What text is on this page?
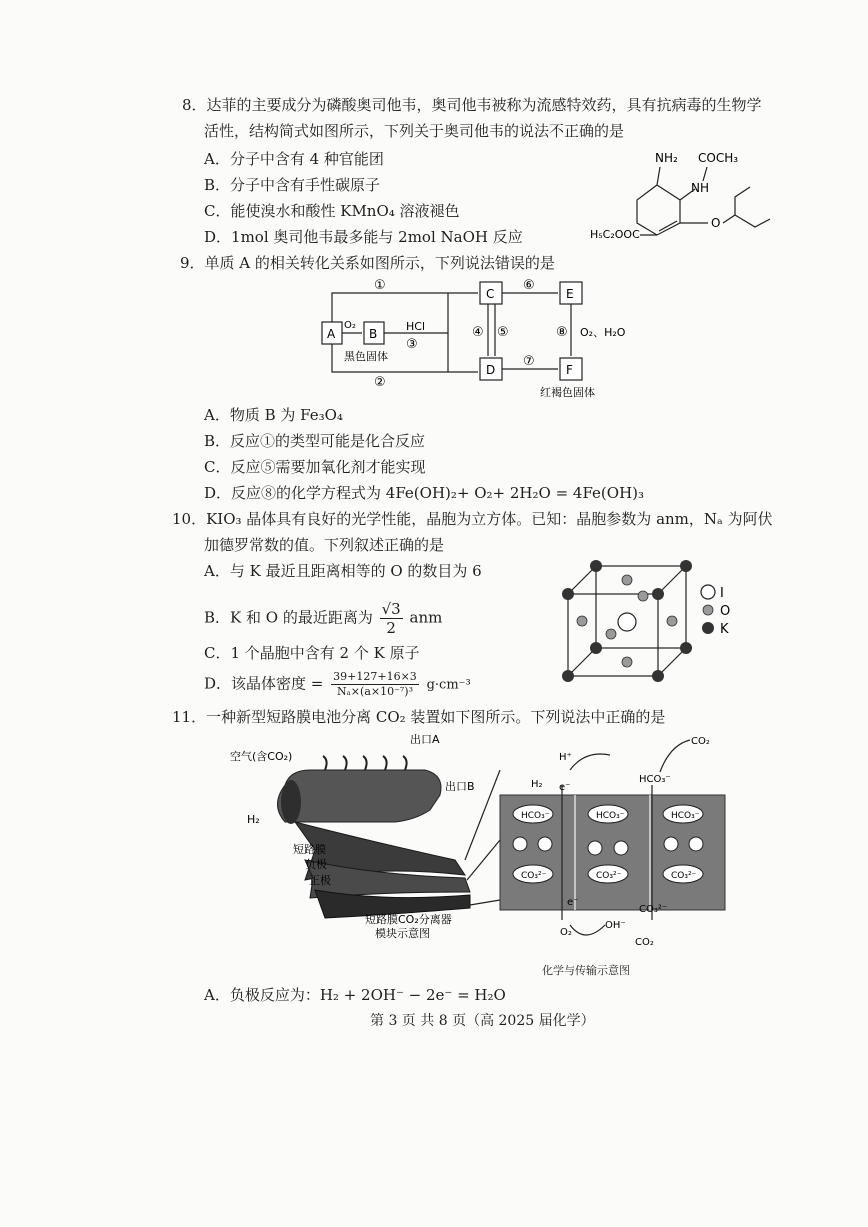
8．达菲的主要成分为磷酸奥司他韦，奥司他韦被称为流感特效药，具有抗病毒的生物学
活性，结构简式如图所示，下列关于奥司他韦的说法不正确的是
A．分子中含有 4 种官能团
B．分子中含有手性碳原子
C．能使溴水和酸性 KMnO₄ 溶液褪色
D．1mol 奥司他韦最多能与 2mol NaOH 反应
NH₂ COCH₃
NH
H₅C₂OOC
O
9．单质 A 的相关转化关系如图所示，下列说法错误的是
A	B
C
D
E
F
①
②
③
④ ⑤
⑥
⑦
⑧
O₂	HCl	O₂、H₂O
黑色固体
红褐色固体
A．物质 B 为 Fe₃O₄
B．反应①的类型可能是化合反应
C．反应⑤需要加氧化剂才能实现
D．反应⑧的化学方程式为 4Fe(OH)₂+ O₂+ 2H₂O = 4Fe(OH)₃
10．KIO₃ 晶体具有良好的光学性能，晶胞为立方体。已知：晶胞参数为 anm，Nₐ 为阿伏
加德罗常数的值。下列叙述正确的是
A．与 K 最近且距离相等的 O 的数目为 6
B．K 和 O 的最近距离为 $\frac{√3}{2}$ anm
C．1 个晶胞中含有 2 个 K 原子
D．该晶体密度 = $\frac{39+127+16\times 3}{\text{Nₐ×(a×10⁻⁷)³}} g\cdot cm^{-3}$
I
O
K
11．一种新型短路膜电池分离 CO₂ 装置如下图所示。下列说法中正确的是
空气(含CO₂)
出口A
出口B
H₂
短路膜
负极
正极
短路膜CO₂分离器
模块示意图
HCO₃⁻	HCO₃⁻	HCO₃⁻
CO₃²⁻	CO₃²⁻	CO₃²⁻
H⁺
CO₂
H₂ e⁻
HCO₃⁻
e⁻
OH⁻
CO₃²⁻
O₂
CO₂
化学与传输示意图
A．负极反应为：H₂ + 2OH⁻ − 2e⁻ = H₂O
第 3 页 共 8 页（高 2025 届化学）
